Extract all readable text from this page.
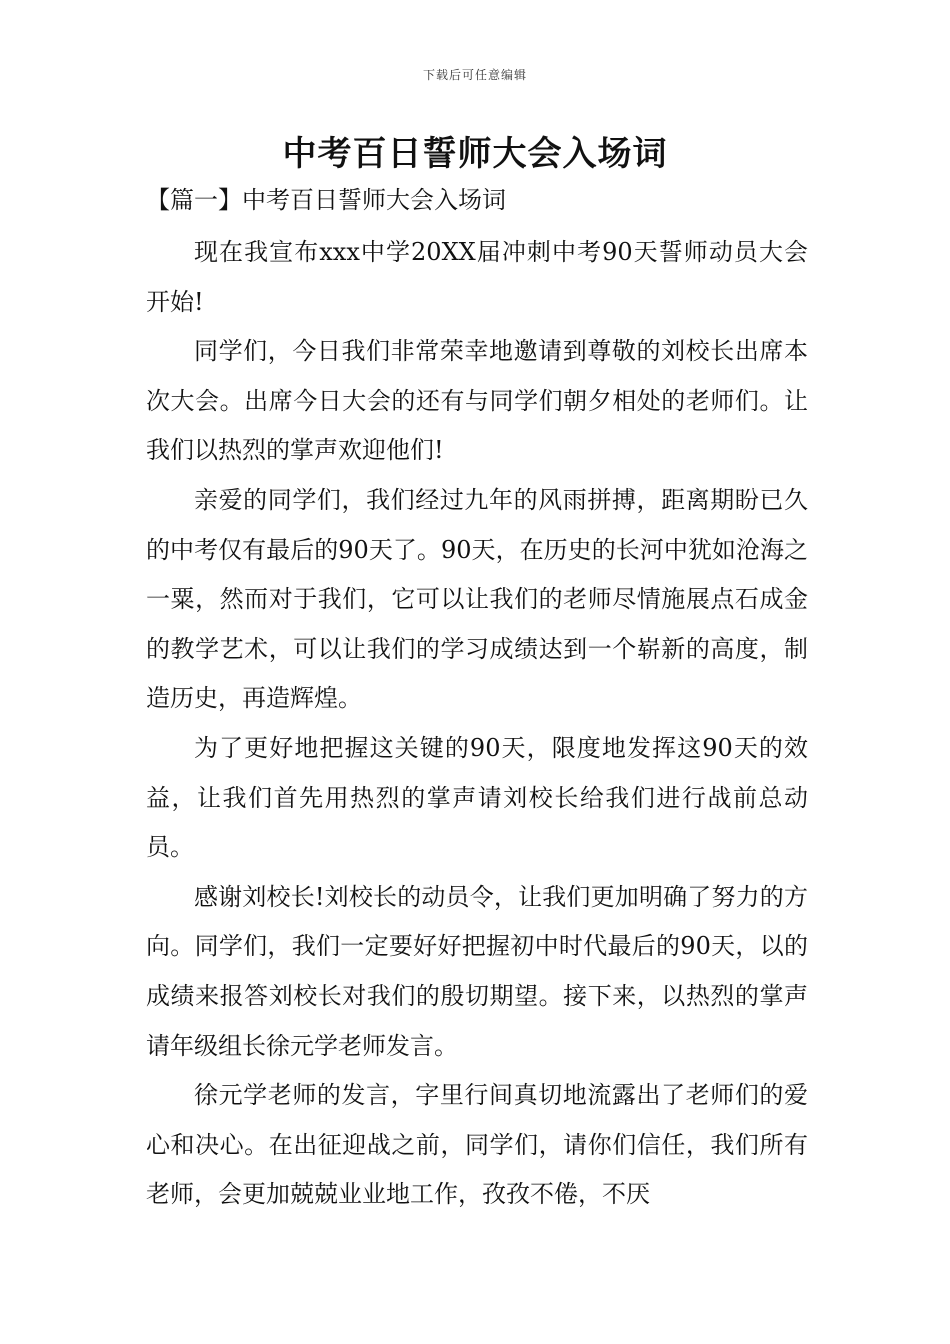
下载后可任意编辑
中考百日誓师大会入场词
【篇一】中考百日誓师大会入场词

现在我宣布xxx中学20XX届冲刺中考90天誓师动员大会开始!

同学们，今日我们非常荣幸地邀请到尊敬的刘校长出席本次大会。出席今日大会的还有与同学们朝夕相处的老师们。让我们以热烈的掌声欢迎他们!

亲爱的同学们，我们经过九年的风雨拼搏，距离期盼已久的中考仅有最后的90天了。90天，在历史的长河中犹如沧海之一粟，然而对于我们，它可以让我们的老师尽情施展点石成金的教学艺术，可以让我们的学习成绩达到一个崭新的高度，制造历史，再造辉煌。

为了更好地把握这关键的90天，限度地发挥这90天的效益，让我们首先用热烈的掌声请刘校长给我们进行战前总动员。

感谢刘校长!刘校长的动员令，让我们更加明确了努力的方向。同学们，我们一定要好好把握初中时代最后的90天，以的成绩来报答刘校长对我们的殷切期望。接下来，以热烈的掌声请年级组长徐元学老师发言。

徐元学老师的发言，字里行间真切地流露出了老师们的爱心和决心。在出征迎战之前，同学们，请你们信任，我们所有老师，会更加兢兢业业地工作，孜孜不倦，不厌
